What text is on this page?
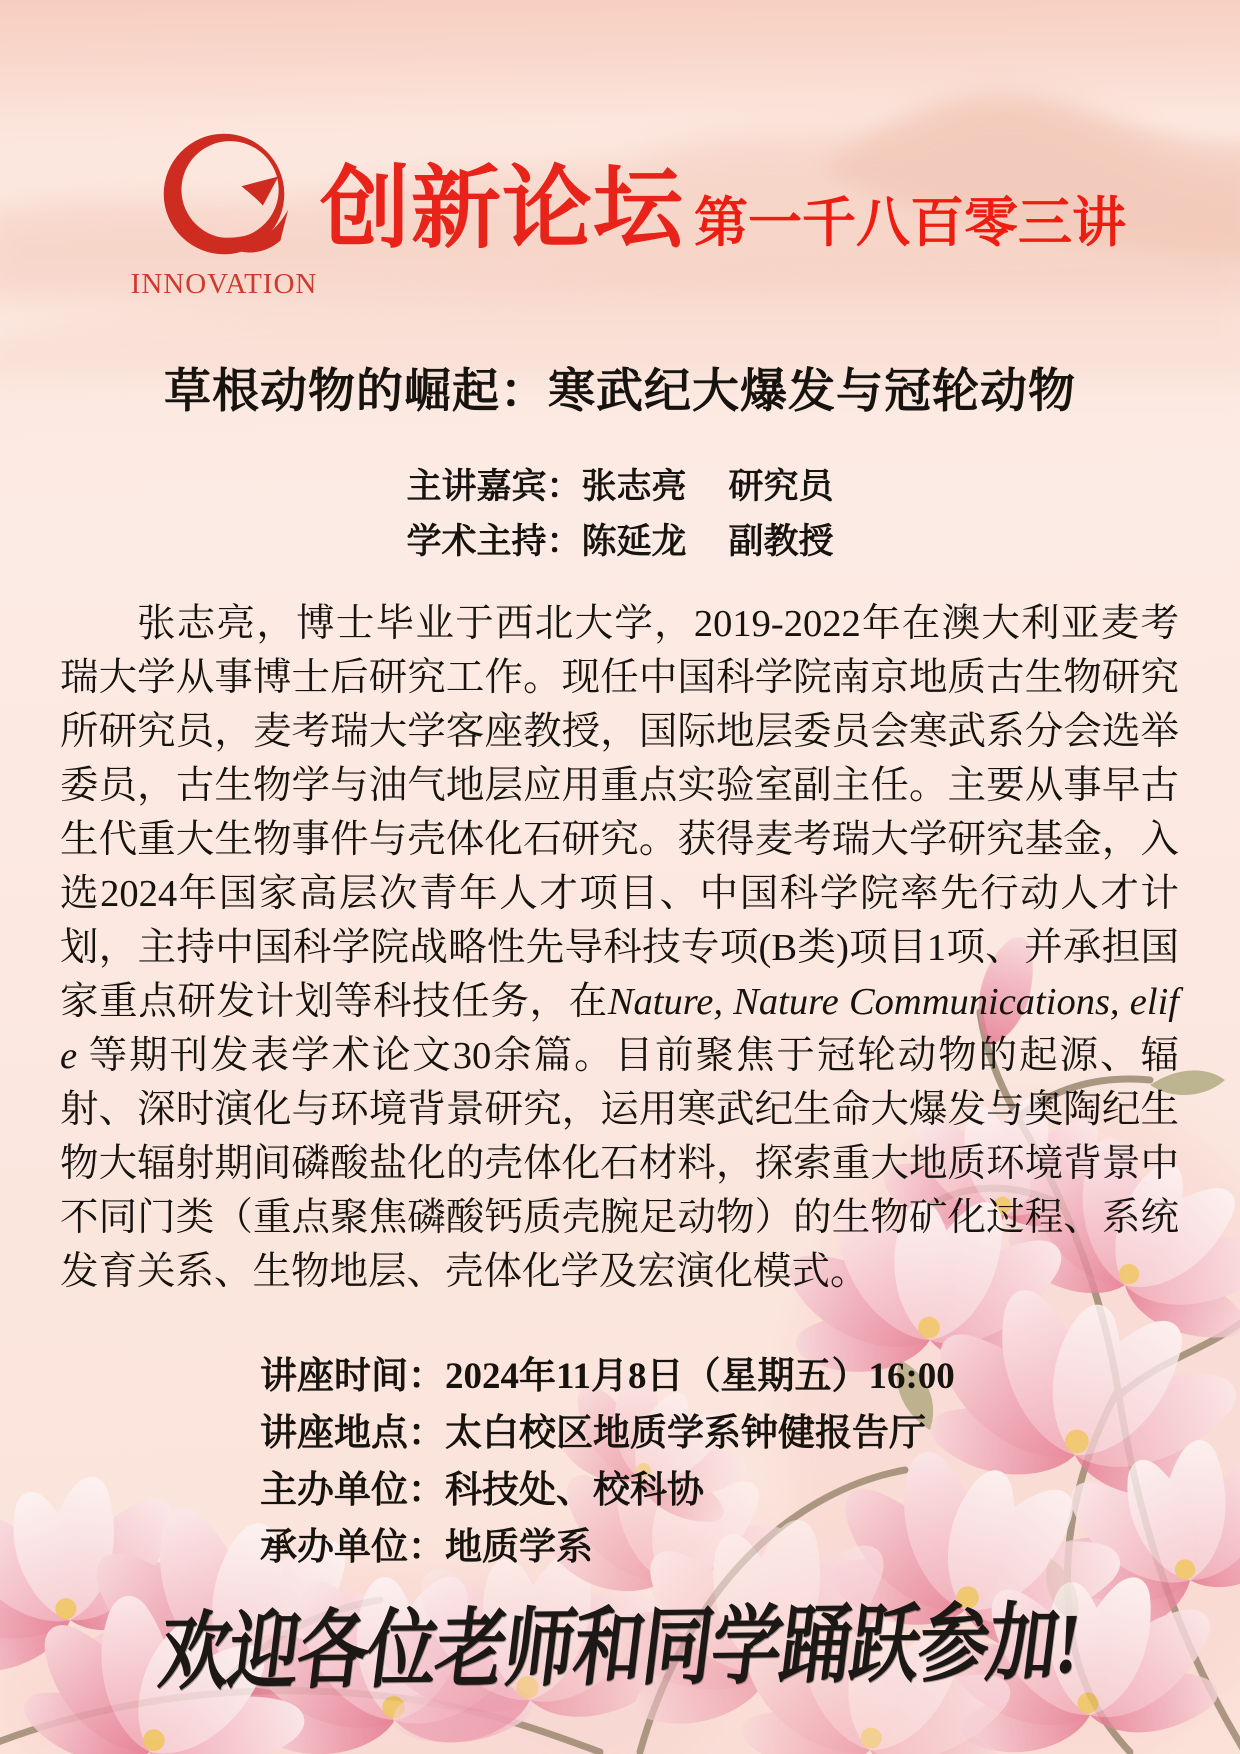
INNOVATION
创新论坛 第一千八百零三讲
草根动物的崛起：寒武纪大爆发与冠轮动物
主讲嘉宾：张志亮 研究员
学术主持：陈延龙 副教授

张志亮，博士毕业于西北大学，2019-2022年在澳大利亚麦考瑞大学从事博士后研究工作。现任中国科学院南京地质古生物研究所研究员，麦考瑞大学客座教授，国际地层委员会寒武系分会选举委员，古生物学与油气地层应用重点实验室副主任。主要从事早古生代重大生物事件与壳体化石研究。获得麦考瑞大学研究基金，入选2024年国家高层次青年人才项目、中国科学院率先行动人才计划，主持中国科学院战略性先导科技专项(B类)项目1项、并承担国家重点研发计划等科技任务，在Nature, Nature Communications, elife 等期刊发表学术论文30余篇。目前聚焦于冠轮动物的起源、辐射、深时演化与环境背景研究，运用寒武纪生命大爆发与奥陶纪生物大辐射期间磷酸盐化的壳体化石材料，探索重大地质环境背景中不同门类（重点聚焦磷酸钙质壳腕足动物）的生物矿化过程、系统发育关系、生物地层、壳体化学及宏演化模式。

讲座时间：2024年11月8日（星期五）16:00
讲座地点：太白校区地质学系钟健报告厅
主办单位：科技处、校科协
承办单位：地质学系
欢迎各位老师和同学踊跃参加!
